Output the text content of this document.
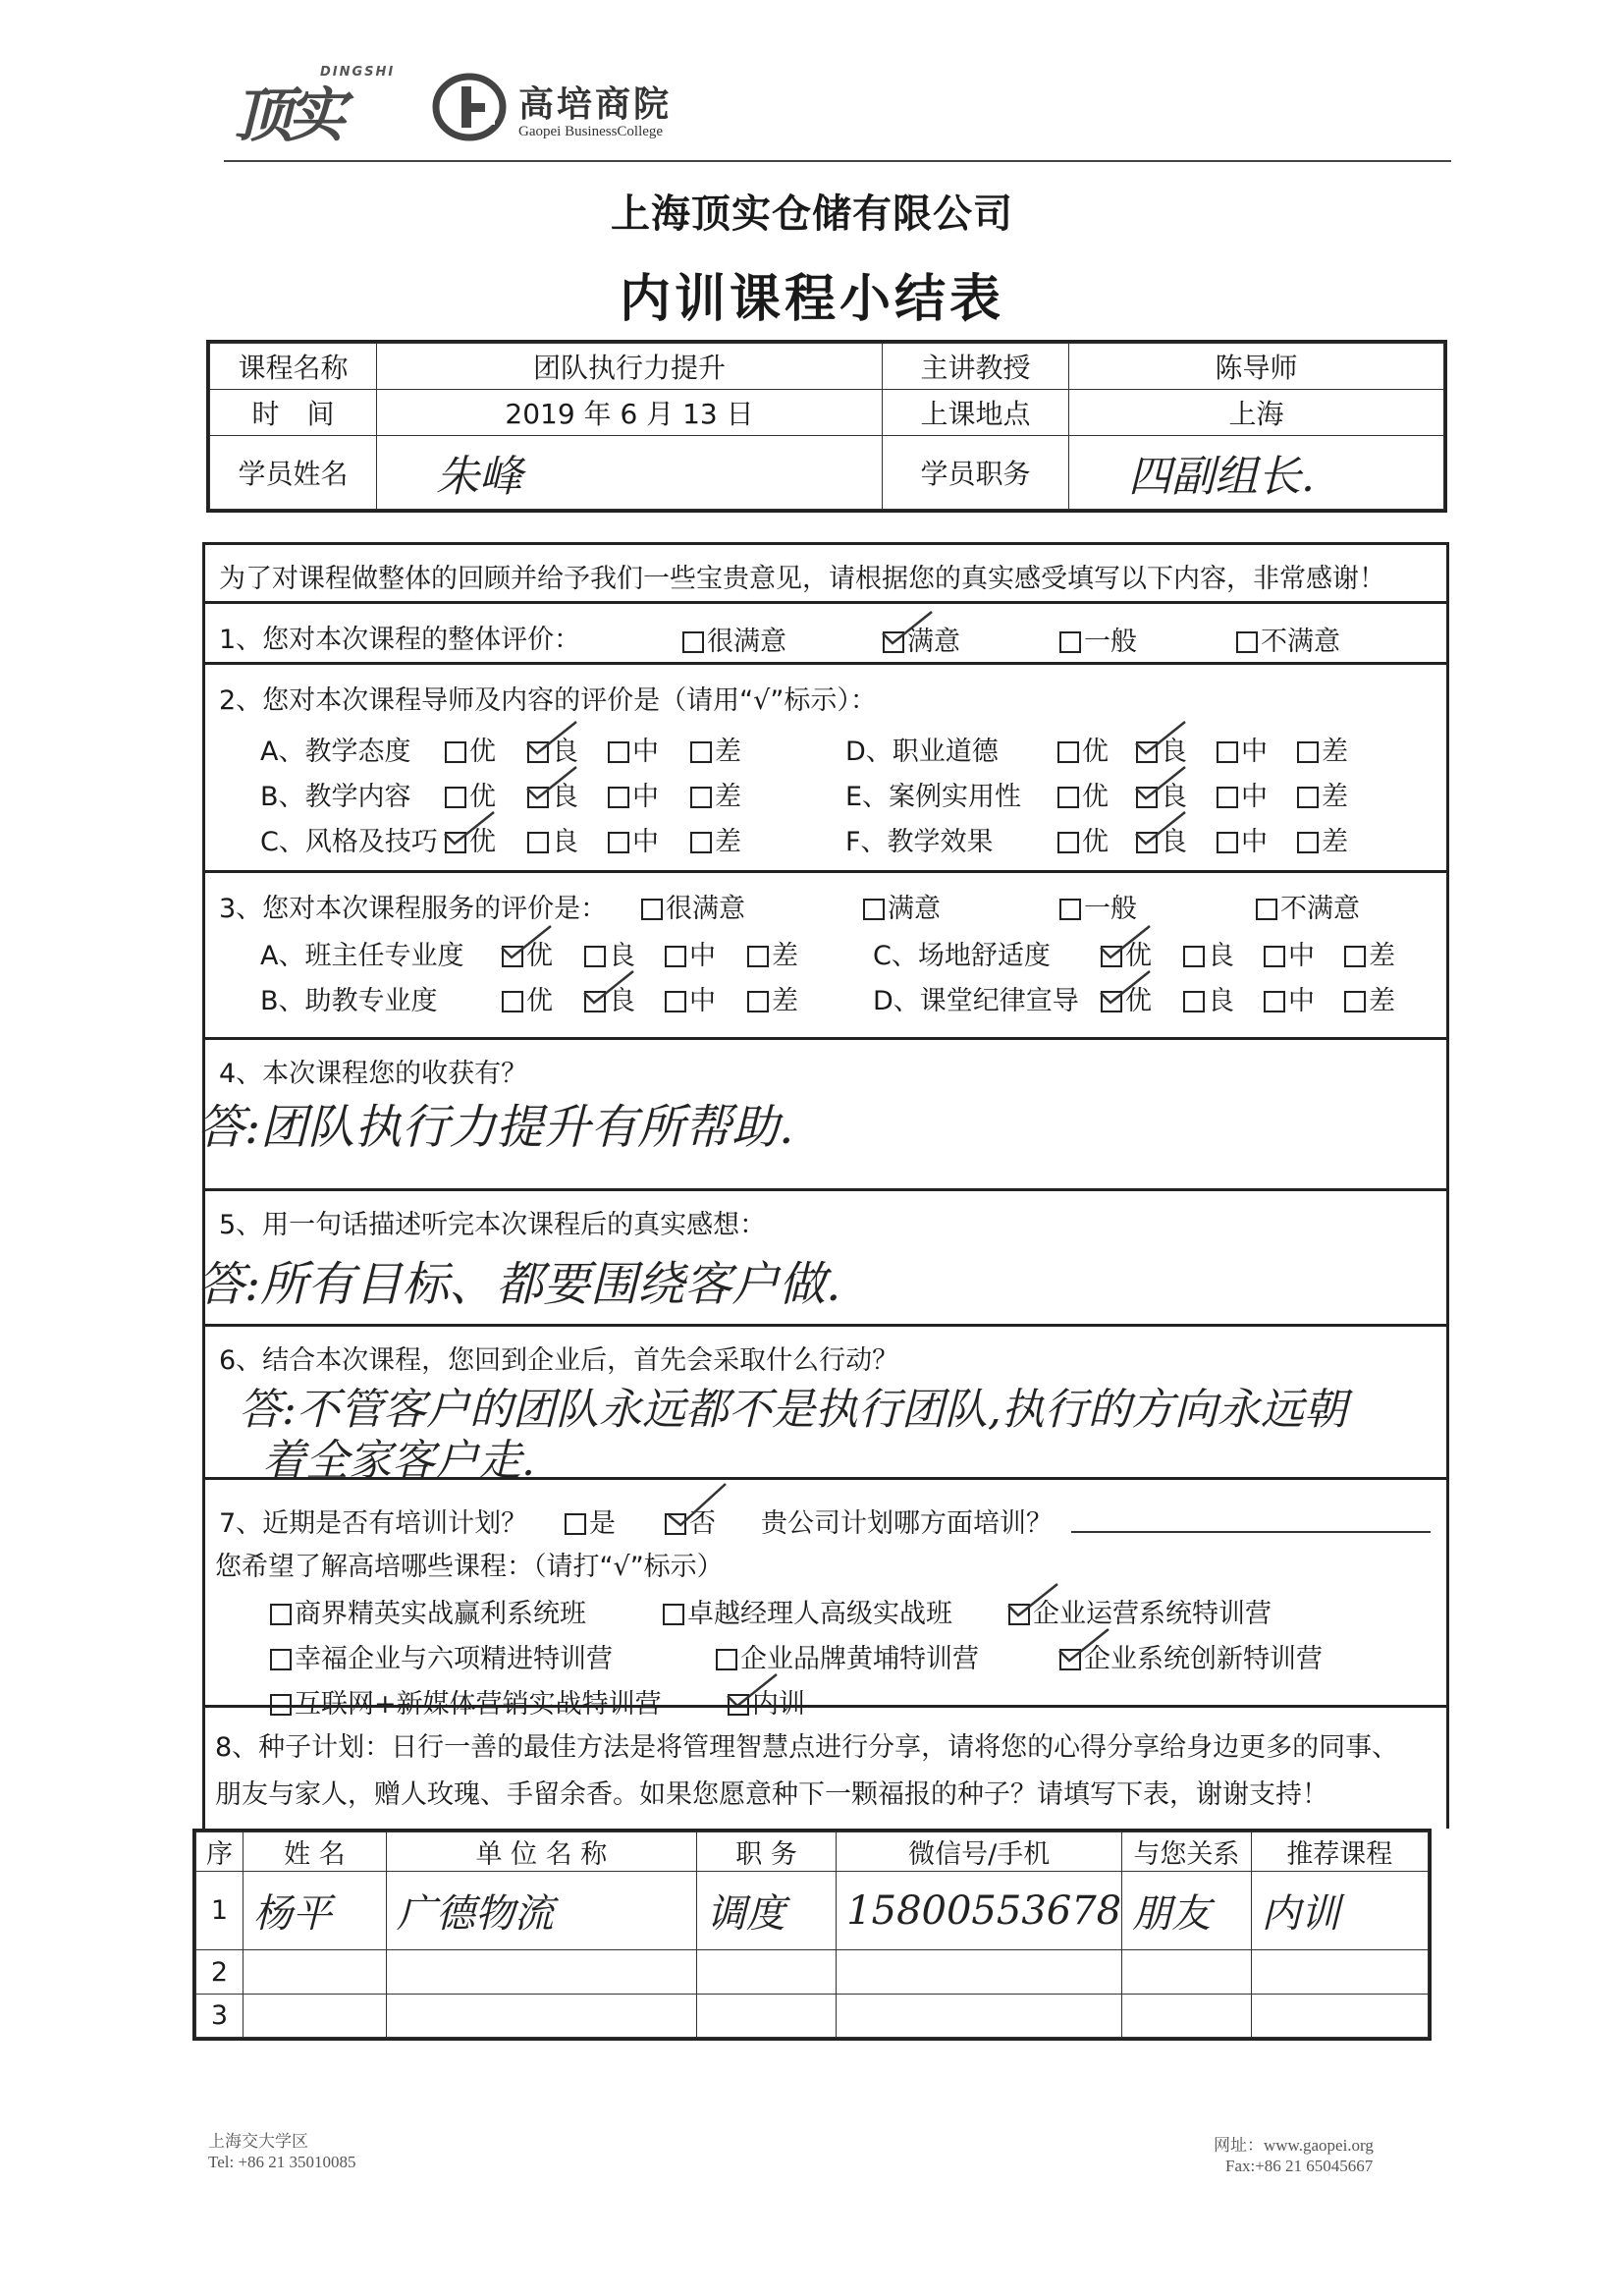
顶实
DINGSHI
高培商院
Gaopei BusinessCollege
上海顶实仓储有限公司
内训课程小结表
课程名称	团队执行力提升	主讲教授	陈导师
时　间	2019 年 6 月 13 日	上课地点	上海
学员姓名	朱峰	学员职务	四副组长.
为了对课程做整体的回顾并给予我们一些宝贵意见，请根据您的真实感受填写以下内容，非常感谢！
1、您对本次课程的整体评价：	很满意	满意	一般	不满意
2、您对本次课程导师及内容的评价是（请用“√”标示）：
A、教学态度	优	良	中	差
B、教学内容	优	良	中	差
C、风格及技巧	优	良	中	差
D、职业道德	优	良	中	差
E、案例实用性	优	良	中	差
F、教学效果	优	良	中	差
3、您对本次课程服务的评价是：	很满意	满意	一般	不满意
A、班主任专业度	优	良	中	差
B、助教专业度	优	良	中	差
C、场地舒适度	优	良	中	差
D、课堂纪律宣导	优	良	中	差
4、本次课程您的收获有？
答:团队执行力提升有所帮助.
5、用一句话描述听完本次课程后的真实感想：
答:所有目标、都要围绕客户做.
6、结合本次课程，您回到企业后，首先会采取什么行动？
答:不管客户的团队永远都不是执行团队,执行的方向永远朝
着全家客户走.
7、近期是否有培训计划？	是	否 贵公司计划哪方面培训？
您希望了解高培哪些课程：（请打“√”标示）
商界精英实战赢利系统班	卓越经理人高级实战班	企业运营系统特训营
幸福企业与六项精进特训营	企业品牌黄埔特训营	企业系统创新特训营
互联网+新媒体营销实战特训营	内训
8、种子计划：日行一善的最佳方法是将管理智慧点进行分享，请将您的心得分享给身边更多的同事、
朋友与家人，赠人玫瑰、手留余香。如果您愿意种下一颗福报的种子？请填写下表，谢谢支持！
序	姓 名	单 位 名 称	职 务	微信号/手机	与您关系	推荐课程
1	杨平	广德物流	调度	15800553678	朋友	内训
2						
3						
上海交大学区
Tel: +86 21 35010085
网址：www.gaopei.org
Fax:+86 21 65045667
